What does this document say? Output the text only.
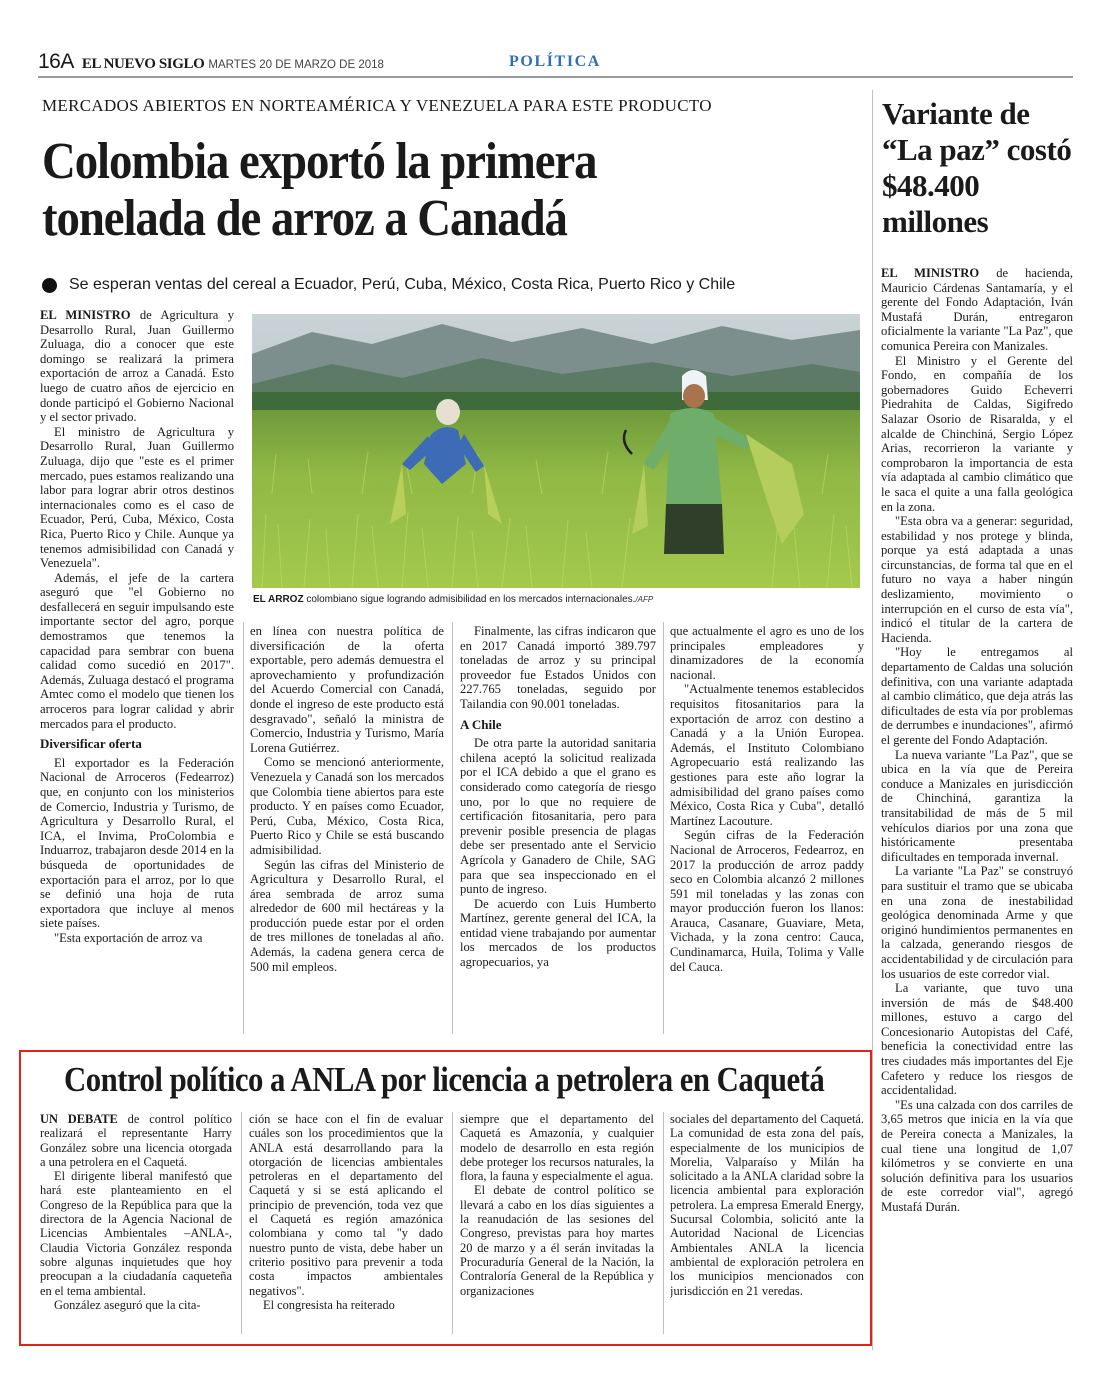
16A EL NUEVO SIGLO MARTES 20 DE MARZO DE 2018	POLÍTICA
MERCADOS ABIERTOS EN NORTEAMÉRICA Y VENEZUELA PARA ESTE PRODUCTO
Colombia exportó la primera
tonelada de arroz a Canadá
Se esperan ventas del cereal a Ecuador, Perú, Cuba, México, Costa Rica, Puerto Rico y Chile
EL ARROZ colombiano sigue logrando admisibilidad en los mercados internacionales./AFP

EL MINISTRO de Agricultura y Desarrollo Rural, Juan Guillermo Zuluaga, dio a conocer que este domingo se realizará la primera exportación de arroz a Canadá. Esto luego de cuatro años de ejercicio en donde participó el Gobierno Nacional y el sector privado.

El ministro de Agricultura y Desarrollo Rural, Juan Guillermo Zuluaga, dijo que "este es el primer mercado, pues estamos realizando una labor para lograr abrir otros destinos internacionales como es el caso de Ecuador, Perú, Cuba, México, Costa Rica, Puerto Rico y Chile. Aunque ya tenemos admisibilidad con Canadá y Venezuela".

Además, el jefe de la cartera aseguró que "el Gobierno no desfallecerá en seguir impulsando este importante sector del agro, porque demostramos que tenemos la capacidad para sembrar con buena calidad como sucedió en 2017". Además, Zuluaga destacó el programa Amtec como el modelo que tienen los arroceros para lograr calidad y abrir mercados para el producto.

Diversificar oferta

El exportador es la Federación Nacional de Arroceros (Fedearroz) que, en conjunto con los ministerios de Comercio, Industria y Turismo, de Agricultura y Desarrollo Rural, el ICA, el Invima, ProColombia e Induarroz, trabajaron desde 2014 en la búsqueda de oportunidades de exportación para el arroz, por lo que se definió una hoja de ruta exportadora que incluye al menos siete países.

"Esta exportación de arroz va

en línea con nuestra política de diversificación de la oferta exportable, pero además demuestra el aprovechamiento y profundización del Acuerdo Comercial con Canadá, donde el ingreso de este producto está desgravado", señaló la ministra de Comercio, Industria y Turismo, María Lorena Gutiérrez.

Como se mencionó anteriormente, Venezuela y Canadá son los mercados que Colombia tiene abiertos para este producto. Y en países como Ecuador, Perú, Cuba, México, Costa Rica, Puerto Rico y Chile se está buscando admisibilidad.

Según las cifras del Ministerio de Agricultura y Desarrollo Rural, el área sembrada de arroz suma alrededor de 600 mil hectáreas y la producción puede estar por el orden de tres millones de toneladas al año. Además, la cadena genera cerca de 500 mil empleos.

Finalmente, las cifras indicaron que en 2017 Canadá importó 389.797 toneladas de arroz y su principal proveedor fue Estados Unidos con 227.765 toneladas, seguido por Tailandia con 90.001 toneladas.

A Chile

De otra parte la autoridad sanitaria chilena aceptó la solicitud realizada por el ICA debido a que el grano es considerado como categoría de riesgo uno, por lo que no requiere de certificación fitosanitaria, pero para prevenir posible presencia de plagas debe ser presentado ante el Servicio Agrícola y Ganadero de Chile, SAG para que sea inspeccionado en el punto de ingreso.

De acuerdo con Luis Humberto Martínez, gerente general del ICA, la entidad viene trabajando por aumentar los mercados de los productos agropecuarios, ya

que actualmente el agro es uno de los principales empleadores y dinamizadores de la economía nacional.

"Actualmente tenemos establecidos requisitos fitosanitarios para la exportación de arroz con destino a Canadá y a la Unión Europea. Además, el Instituto Colombiano Agropecuario está realizando las gestiones para este año lograr la admisibilidad del grano países como México, Costa Rica y Cuba", detalló Martínez Lacouture.

Según cifras de la Federación Nacional de Arroceros, Fedearroz, en 2017 la producción de arroz paddy seco en Colombia alcanzó 2 millones 591 mil toneladas y las zonas con mayor producción fueron los llanos: Arauca, Casanare, Guaviare, Meta, Vichada, y la zona centro: Cauca, Cundinamarca, Huila, Tolima y Valle del Cauca.

Variante de “La paz” costó $48.400 millones

EL MINISTRO de hacienda, Mauricio Cárdenas Santamaría, y el gerente del Fondo Adaptación, Iván Mustafá Durán, entregaron oficialmente la variante "La Paz", que comunica Pereira con Manizales.

El Ministro y el Gerente del Fondo, en compañía de los gobernadores Guido Echeverri Piedrahita de Caldas, Sigifredo Salazar Osorio de Risaralda, y el alcalde de Chinchiná, Sergio López Arias, recorrieron la variante y comprobaron la importancia de esta vía adaptada al cambio climático que le saca el quite a una falla geológica en la zona.

"Esta obra va a generar: seguridad, estabilidad y nos protege y blinda, porque ya está adaptada a unas circunstancias, de forma tal que en el futuro no vaya a haber ningún deslizamiento, movimiento o interrupción en el curso de esta vía", indicó el titular de la cartera de Hacienda.

"Hoy le entregamos al departamento de Caldas una solución definitiva, con una variante adaptada al cambio climático, que deja atrás las dificultades de esta vía por problemas de derrumbes e inundaciones", afirmó el gerente del Fondo Adaptación.

La nueva variante "La Paz", que se ubica en la vía que de Pereira conduce a Manizales en jurisdicción de Chinchiná, garantiza la transitabilidad de más de 5 mil vehículos diarios por una zona que históricamente presentaba dificultades en temporada invernal.

La variante "La Paz" se construyó para sustituir el tramo que se ubicaba en una zona de inestabilidad geológica denominada Arme y que originó hundimientos permanentes en la calzada, generando riesgos de accidentabilidad y de circulación para los usuarios de este corredor vial.

La variante, que tuvo una inversión de más de $48.400 millones, estuvo a cargo del Concesionario Autopistas del Café, beneficia la conectividad entre las tres ciudades más importantes del Eje Cafetero y reduce los riesgos de accidentalidad.

"Es una calzada con dos carriles de 3,65 metros que inicia en la vía que de Pereira conecta a Manizales, la cual tiene una longitud de 1,07 kilómetros y se convierte en una solución definitiva para los usuarios de este corredor vial", agregó Mustafá Durán.

Control político a ANLA por licencia a petrolera en Caquetá

UN DEBATE de control político realizará el representante Harry González sobre una licencia otorgada a una petrolera en el Caquetá.

El dirigente liberal manifestó que hará este planteamiento en el Congreso de la República para que la directora de la Agencia Nacional de Licencias Ambientales –ANLA-, Claudia Victoria González responda sobre algunas inquietudes que hoy preocupan a la ciudadanía caqueteña en el tema ambiental.

González aseguró que la cita-

ción se hace con el fin de evaluar cuáles son los procedimientos que la ANLA está desarrollando para la otorgación de licencias ambientales petroleras en el departamento del Caquetá y si se está aplicando el principio de prevención, toda vez que el Caquetá es región amazónica colombiana y como tal "y dado nuestro punto de vista, debe haber un criterio positivo para prevenir a toda costa impactos ambientales negativos".

El congresista ha reiterado

siempre que el departamento del Caquetá es Amazonía, y cualquier modelo de desarrollo en esta región debe proteger los recursos naturales, la flora, la fauna y especialmente el agua.

El debate de control político se llevará a cabo en los días siguientes a la reanudación de las sesiones del Congreso, previstas para hoy martes 20 de marzo y a él serán invitadas la Procuraduría General de la Nación, la Contraloría General de la República y organizaciones

sociales del departamento del Caquetá. La comunidad de esta zona del país, especialmente de los municipios de Morelia, Valparaíso y Milán ha solicitado a la ANLA claridad sobre la licencia ambiental para exploración petrolera. La empresa Emerald Energy, Sucursal Colombia, solicitó ante la Autoridad Nacional de Licencias Ambientales ANLA la licencia ambiental de exploración petrolera en los municipios mencionados con jurisdicción en 21 veredas.
